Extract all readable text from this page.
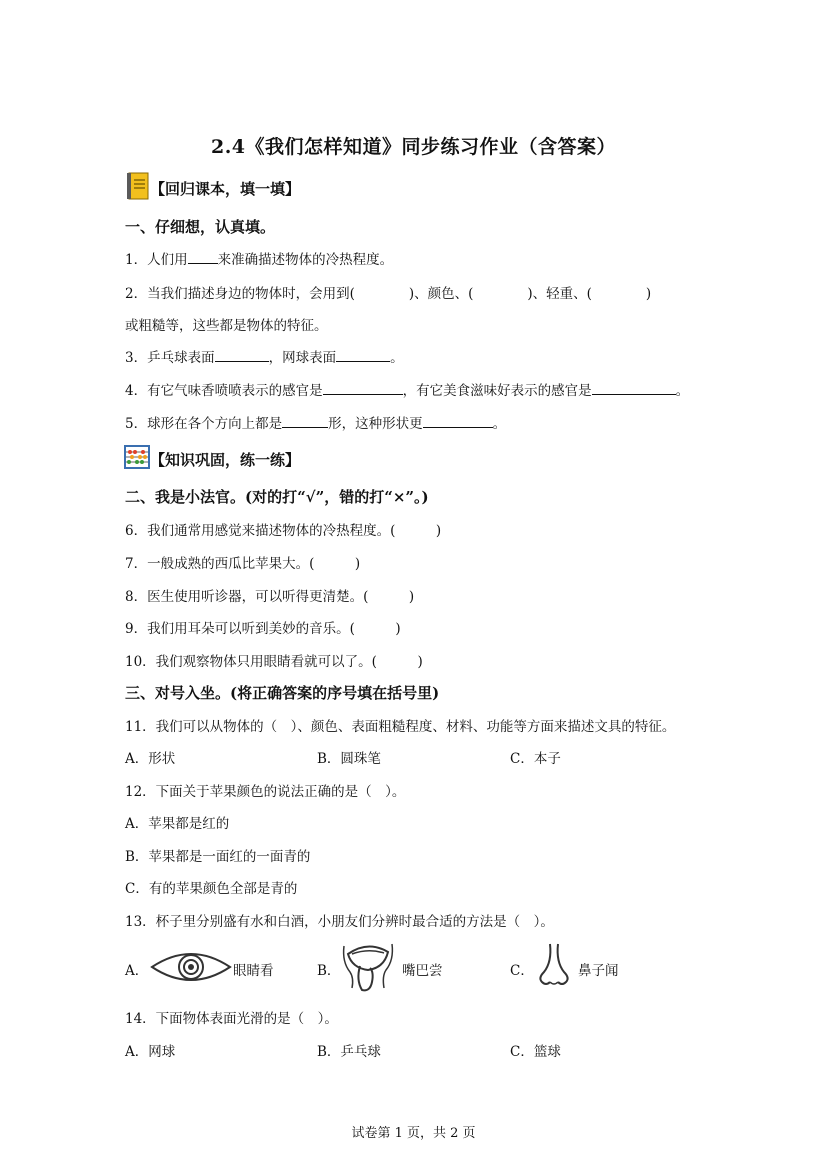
2.4《我们怎样知道》同步练习作业（含答案）
【回归课本，填一填】
一、仔细想，认真填。
1．人们用 来准确描述物体的冷热程度。
2．当我们描述身边的物体时，会用到(　　　　)、颜色、(　　　　)、轻重、(　　　　)
或粗糙等，这些都是物体的特征。
3．乒乓球表面	，网球表面	。
4．有它气味香喷喷表示的感官是	，有它美食滋味好表示的感官是	。
5．球形在各个方向上都是	形，这种形状更	。
【知识巩固，练一练】
二、我是小法官。(对的打“√”，错的打“×”。)
6．我们通常用感觉来描述物体的冷热程度。(　　　)
7．一般成熟的西瓜比苹果大。(　　　)
8．医生使用听诊器，可以听得更清楚。(　　　)
9．我们用耳朵可以听到美妙的音乐。(　　　)
10．我们观察物体只用眼睛看就可以了。(　　　)
三、对号入坐。(将正确答案的序号填在括号里)
11．我们可以从物体的（　）、颜色、表面粗糙程度、材料、功能等方面来描述文具的特征。
A．形状	B．圆珠笔	C．本子
12．下面关于苹果颜色的说法正确的是（　）。
A．苹果都是红的
B．苹果都是一面红的一面青的
C．有的苹果颜色全部是青的
13．杯子里分别盛有水和白酒，小朋友们分辨时最合适的方法是（　）。
A．	眼睛看	B．	嘴巴尝	C．	鼻子闻
14．下面物体表面光滑的是（　）。
A．网球	B．乒乓球	C．篮球
试卷第 1 页，共 2 页
